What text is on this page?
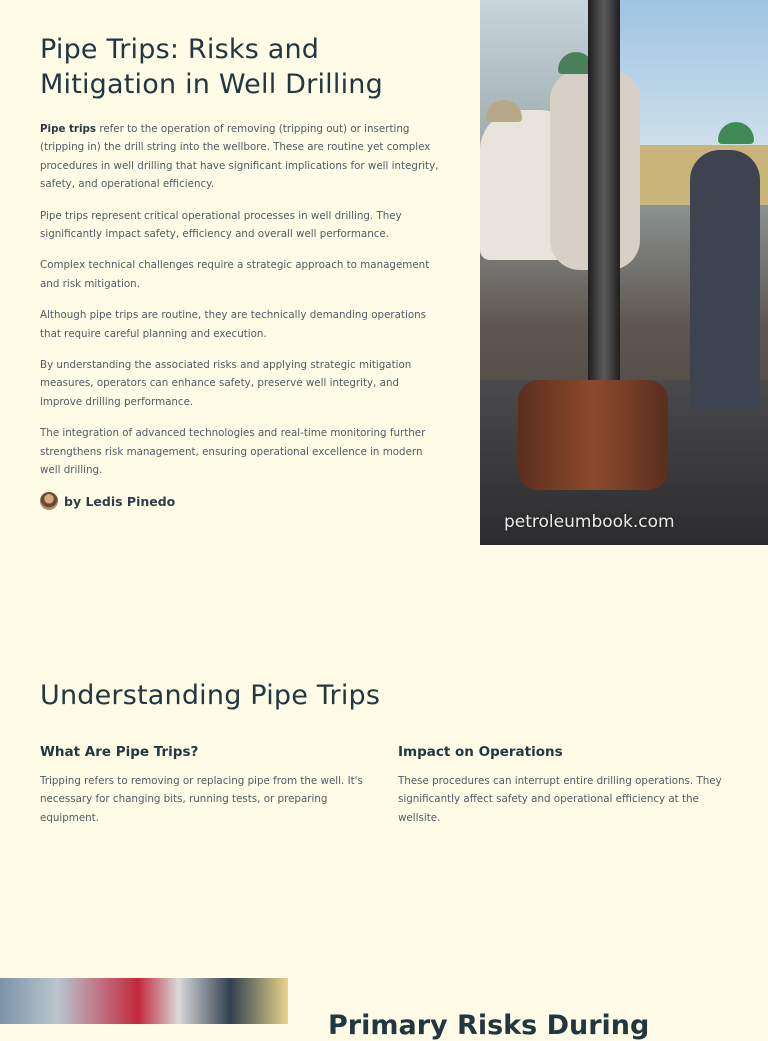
Pipe Trips: Risks and Mitigation in Well Drilling

Pipe trips refer to the operation of removing (tripping out) or inserting (tripping in) the drill string into the wellbore. These are routine yet complex procedures in well drilling that have significant implications for well integrity, safety, and operational efficiency.

Pipe trips represent critical operational processes in well drilling. They significantly impact safety, efficiency and overall well performance.

Complex technical challenges require a strategic approach to management and risk mitigation.

Although pipe trips are routine, they are technically demanding operations that require careful planning and execution.

By understanding the associated risks and applying strategic mitigation measures, operators can enhance safety, preserve well integrity, and improve drilling performance.

The integration of advanced technologies and real-time monitoring further strengthens risk management, ensuring operational excellence in modern well drilling.

by Ledis Pinedo
petroleumbook.com
Understanding Pipe Trips
What Are Pipe Trips?

Tripping refers to removing or replacing pipe from the well. It's necessary for changing bits, running tests, or preparing equipment.

Impact on Operations

These procedures can interrupt entire drilling operations. They significantly affect safety and operational efficiency at the wellsite.

Primary Risks During
